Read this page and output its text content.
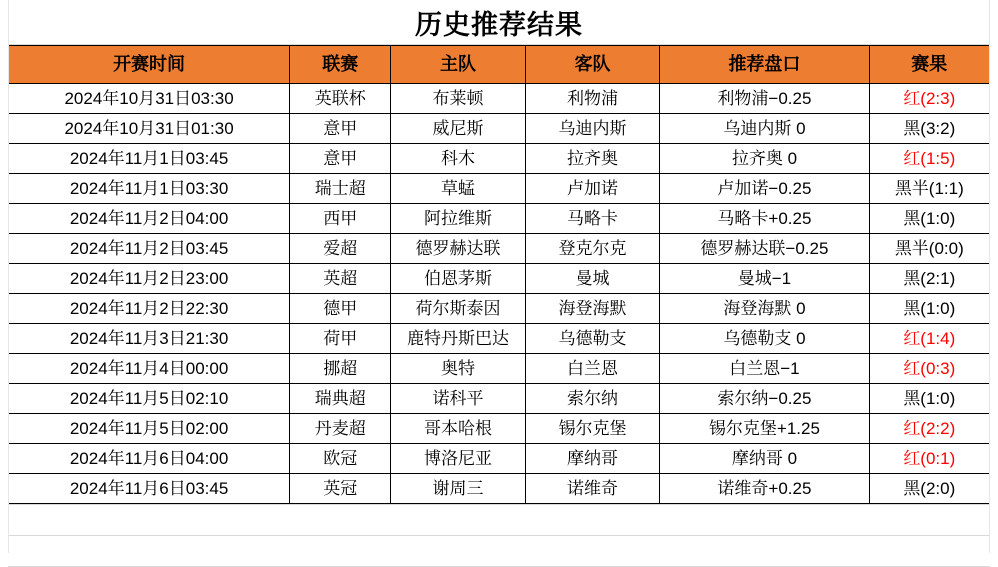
历史推荐结果
开赛时间	联赛	主队	客队	推荐盘口	赛果
2024年10月31日03:30	英联杯	布莱顿	利物浦	利物浦−0.25	红(2:3)
2024年10月31日01:30	意甲	威尼斯	乌迪内斯	乌迪内斯 0	黑(3:2)
2024年11月1日03:45	意甲	科木	拉齐奥	拉齐奥 0	红(1:5)
2024年11月1日03:30	瑞士超	草蜢	卢加诺	卢加诺−0.25	黑半(1:1)
2024年11月2日04:00	西甲	阿拉维斯	马略卡	马略卡+0.25	黑(1:0)
2024年11月2日03:45	爱超	德罗赫达联	登克尔克	德罗赫达联−0.25	黑半(0:0)
2024年11月2日23:00	英超	伯恩茅斯	曼城	曼城−1	黑(2:1)
2024年11月2日22:30	德甲	荷尔斯泰因	海登海默	海登海默 0	黑(1:0)
2024年11月3日21:30	荷甲	鹿特丹斯巴达	乌德勒支	乌德勒支 0	红(1:4)
2024年11月4日00:00	挪超	奥特	白兰恩	白兰恩−1	红(0:3)
2024年11月5日02:10	瑞典超	诺科平	索尔纳	索尔纳−0.25	黑(1:0)
2024年11月5日02:00	丹麦超	哥本哈根	锡尔克堡	锡尔克堡+1.25	红(2:2)
2024年11月6日04:00	欧冠	博洛尼亚	摩纳哥	摩纳哥 0	红(0:1)
2024年11月6日03:45	英冠	谢周三	诺维奇	诺维奇+0.25	黑(2:0)
